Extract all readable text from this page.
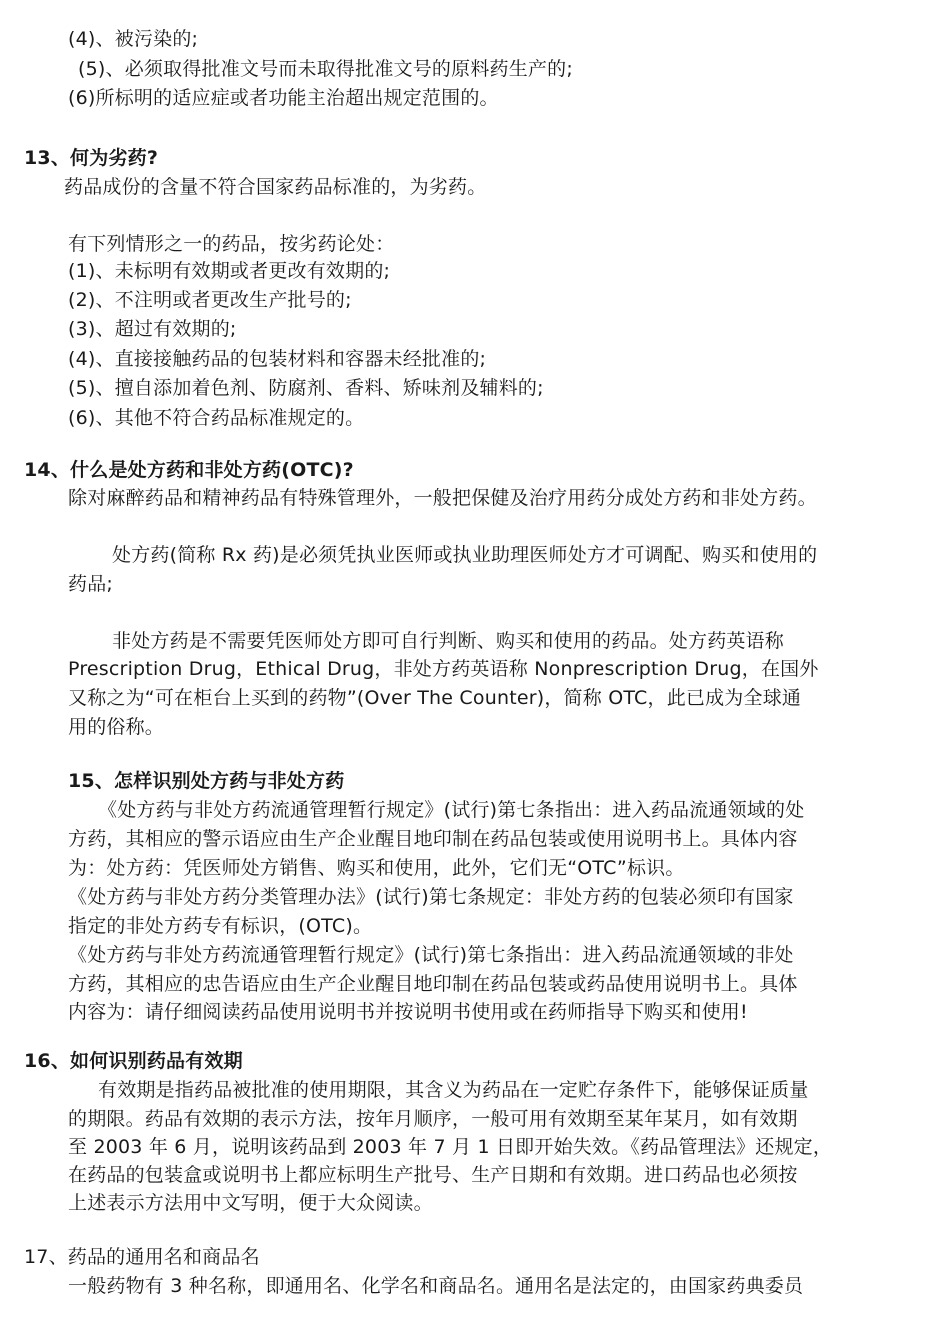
(4)、被污染的;
(5)、必须取得批准文号而未取得批准文号的原料药生产的;
(6)所标明的适应症或者功能主治超出规定范围的。
13、何为劣药?
药品成份的含量不符合国家药品标准的，为劣药。
有下列情形之一的药品，按劣药论处：
(1)、未标明有效期或者更改有效期的;
(2)、不注明或者更改生产批号的;
(3)、超过有效期的;
(4)、直接接触药品的包装材料和容器未经批准的;
(5)、擅自添加着色剂、防腐剂、香料、矫味剂及辅料的;
(6)、其他不符合药品标准规定的。
14、什么是处方药和非处方药(OTC)?
除对麻醉药品和精神药品有特殊管理外，一般把保健及治疗用药分成处方药和非处方药。
处方药(简称 Rx 药)是必须凭执业医师或执业助理医师处方才可调配、购买和使用的
药品;
非处方药是不需要凭医师处方即可自行判断、购买和使用的药品。处方药英语称
Prescription Drug，Ethical Drug，非处方药英语称 Nonprescription Drug，在国外
又称之为“可在柜台上买到的药物”(Over The Counter)，简称 OTC，此已成为全球通
用的俗称。
15、怎样识别处方药与非处方药
《处方药与非处方药流通管理暂行规定》(试行)第七条指出：进入药品流通领域的处
方药，其相应的警示语应由生产企业醒目地印制在药品包装或使用说明书上。具体内容
为：处方药：凭医师处方销售、购买和使用，此外，它们无“OTC”标识。
《处方药与非处方药分类管理办法》(试行)第七条规定：非处方药的包装必须印有国家
指定的非处方药专有标识，(OTC)。
《处方药与非处方药流通管理暂行规定》(试行)第七条指出：进入药品流通领域的非处
方药，其相应的忠告语应由生产企业醒目地印制在药品包装或药品使用说明书上。具体
内容为：请仔细阅读药品使用说明书并按说明书使用或在药师指导下购买和使用!
16、如何识别药品有效期
有效期是指药品被批准的使用期限，其含义为药品在一定贮存条件下，能够保证质量
的期限。药品有效期的表示方法，按年月顺序，一般可用有效期至某年某月，如有效期
至 2003 年 6 月，说明该药品到 2003 年 7 月 1 日即开始失效。《药品管理法》还规定，
在药品的包装盒或说明书上都应标明生产批号、生产日期和有效期。进口药品也必须按
上述表示方法用中文写明，便于大众阅读。
17、药品的通用名和商品名
一般药物有 3 种名称，即通用名、化学名和商品名。通用名是法定的，由国家药典委员
